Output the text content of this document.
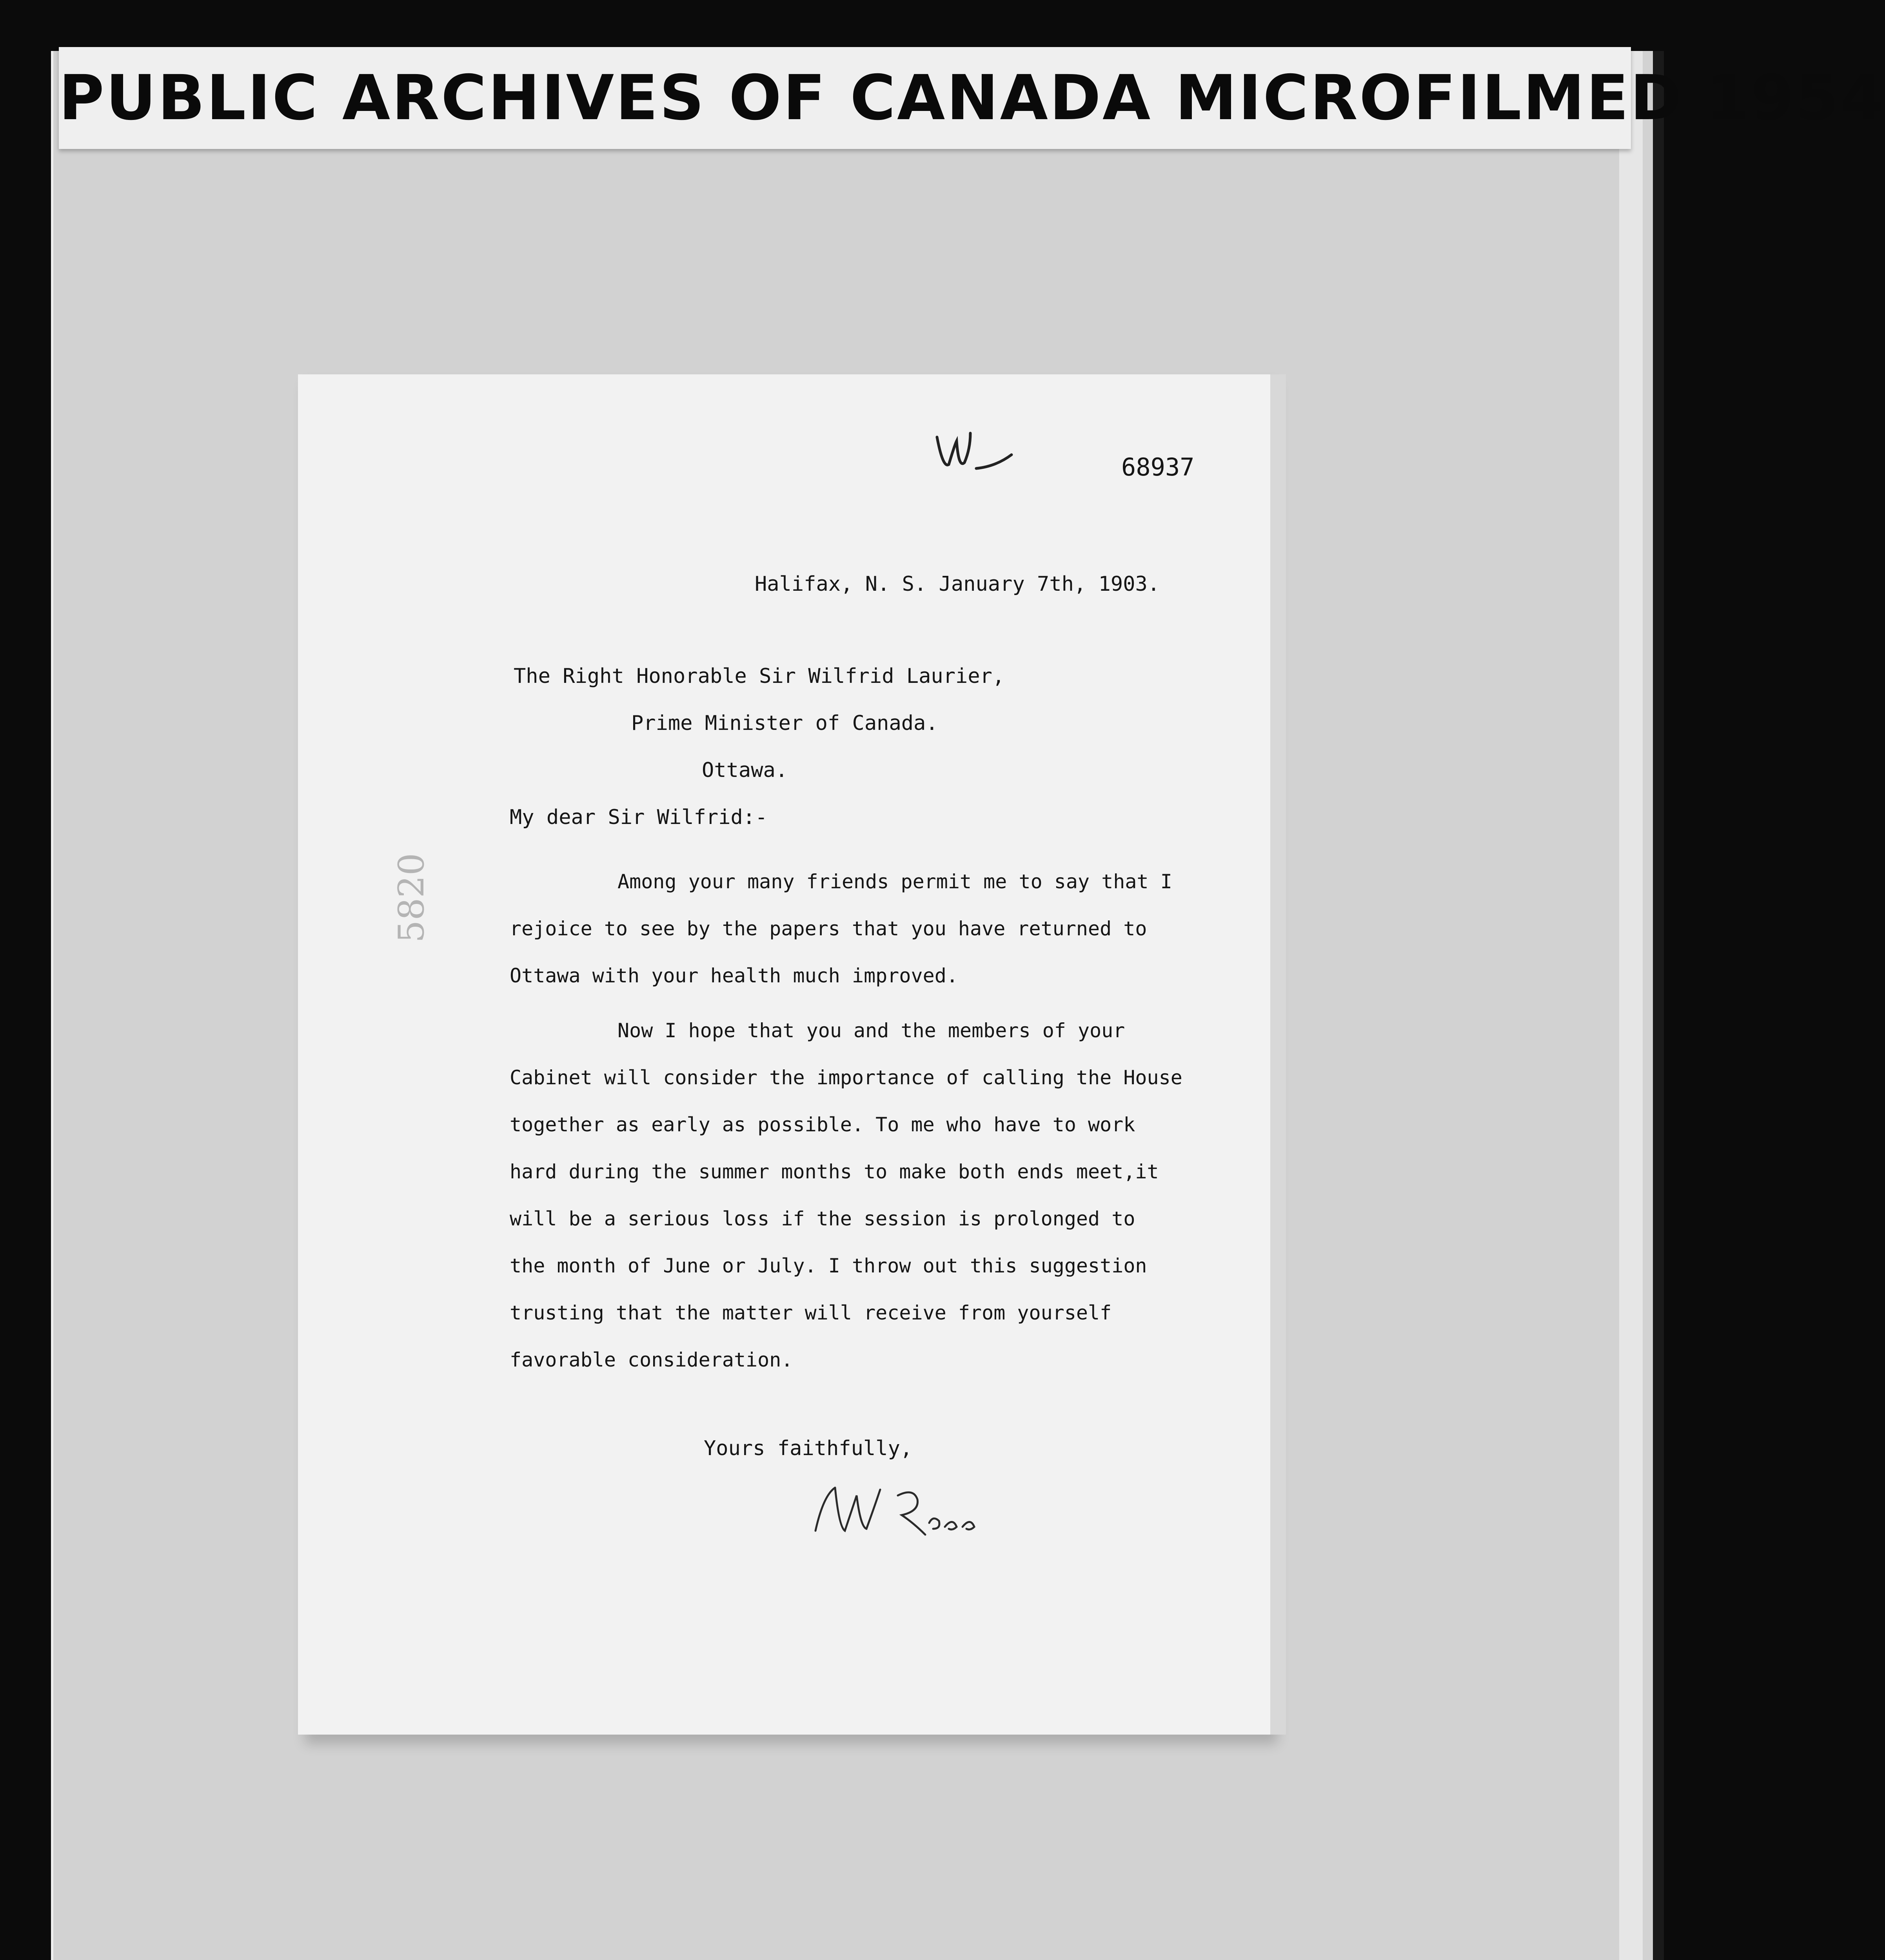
PUBLIC ARCHIVES OF CANADA MICROFILMED 1954
68937
5820
Halifax, N. S. January 7th, 1903.
The Right Honorable Sir Wilfrid Laurier,
Prime Minister of Canada.
Ottawa.
My dear Sir Wilfrid:-
Among your many friends permit me to say that I
rejoice to see by the papers that you have returned to
Ottawa with your health much improved.
Now I hope that you and the members of your
Cabinet will consider the importance of calling the House
together as early as possible. To me who have to work
hard during the summer months to make both ends meet,it
will be a serious loss if the session is prolonged to
the month of June or July. I throw out this suggestion
trusting that the matter will receive from yourself
favorable consideration.
Yours faithfully,
